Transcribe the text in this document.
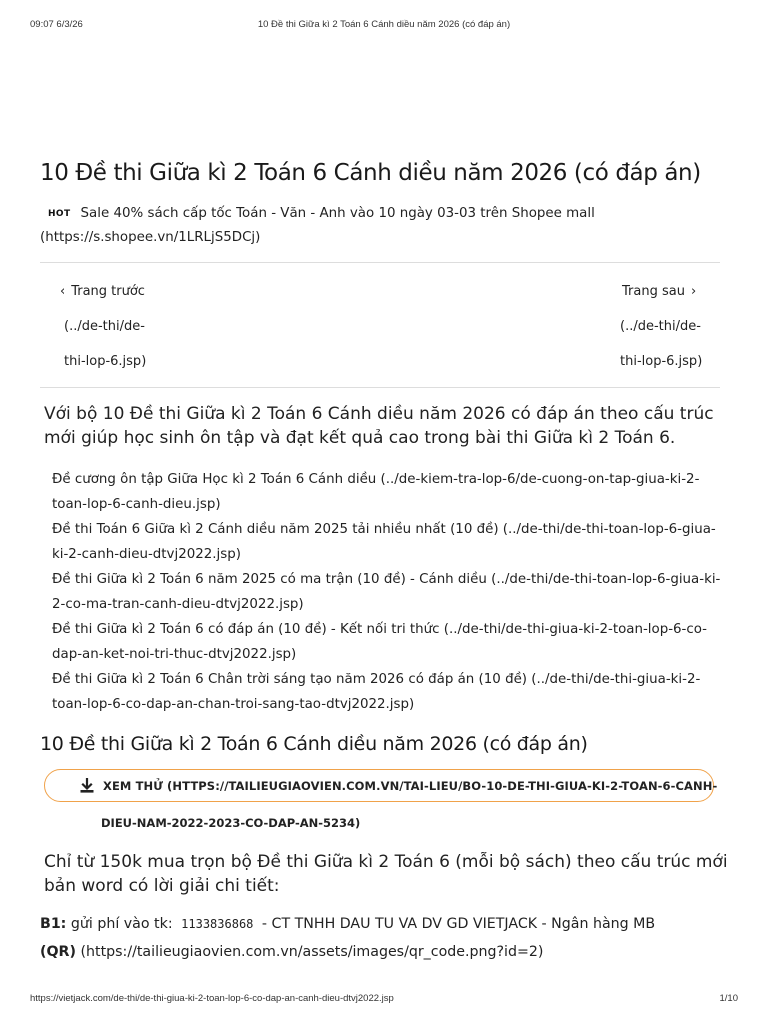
09:07 6/3/26	10 Đề thi Giữa kì 2 Toán 6 Cánh diều năm 2026 (có đáp án)
10 Đề thi Giữa kì 2 Toán 6 Cánh diều năm 2026 (có đáp án)
HOT Sale 40% sách cấp tốc Toán - Văn - Anh vào 10 ngày 03-03 trên Shopee mall
(https://s.shopee.vn/1LRLjS5DCj)
‹ Trang trước
(../de-thi/de-
thi-lop-6.jsp)
Trang sau ›
(../de-thi/de-
thi-lop-6.jsp)

Với bộ 10 Đề thi Giữa kì 2 Toán 6 Cánh diều năm 2026 có đáp án theo cấu trúc mới giúp học sinh ôn tập và đạt kết quả cao trong bài thi Giữa kì 2 Toán 6.

Đề cương ôn tập Giữa Học kì 2 Toán 6 Cánh diều (../de-kiem-tra-lop-6/de-cuong-on-tap-giua-ki-2-toan-lop-6-canh-dieu.jsp)
Đề thi Toán 6 Giữa kì 2 Cánh diều năm 2025 tải nhiều nhất (10 đề) (../de-thi/de-thi-toan-lop-6-giua-ki-2-canh-dieu-dtvj2022.jsp)
Đề thi Giữa kì 2 Toán 6 năm 2025 có ma trận (10 đề) - Cánh diều (../de-thi/de-thi-toan-lop-6-giua-ki-2-co-ma-tran-canh-dieu-dtvj2022.jsp)
Đề thi Giữa kì 2 Toán 6 có đáp án (10 đề) - Kết nối tri thức (../de-thi/de-thi-giua-ki-2-toan-lop-6-co-dap-an-ket-noi-tri-thuc-dtvj2022.jsp)
Đề thi Giữa kì 2 Toán 6 Chân trời sáng tạo năm 2026 có đáp án (10 đề) (../de-thi/de-thi-giua-ki-2-toan-lop-6-co-dap-an-chan-troi-sang-tao-dtvj2022.jsp)
10 Đề thi Giữa kì 2 Toán 6 Cánh diều năm 2026 (có đáp án)
XEM THỬ (HTTPS://TAILIEUGIAOVIEN.COM.VN/TAI-LIEU/BO-10-DE-THI-GIUA-KI-2-TOAN-6-CANH-
DIEU-NAM-2022-2023-CO-DAP-AN-5234)

Chỉ từ 150k mua trọn bộ Đề thi Giữa kì 2 Toán 6 (mỗi bộ sách) theo cấu trúc mới bản word có lời giải chi tiết:

B1: gửi phí vào tk: 1133836868 - CT TNHH DAU TU VA DV GD VIETJACK - Ngân hàng MB
(QR) (https://tailieugiaovien.com.vn/assets/images/qr_code.png?id=2)
https://vietjack.com/de-thi/de-thi-giua-ki-2-toan-lop-6-co-dap-an-canh-dieu-dtvj2022.jsp	1/10
